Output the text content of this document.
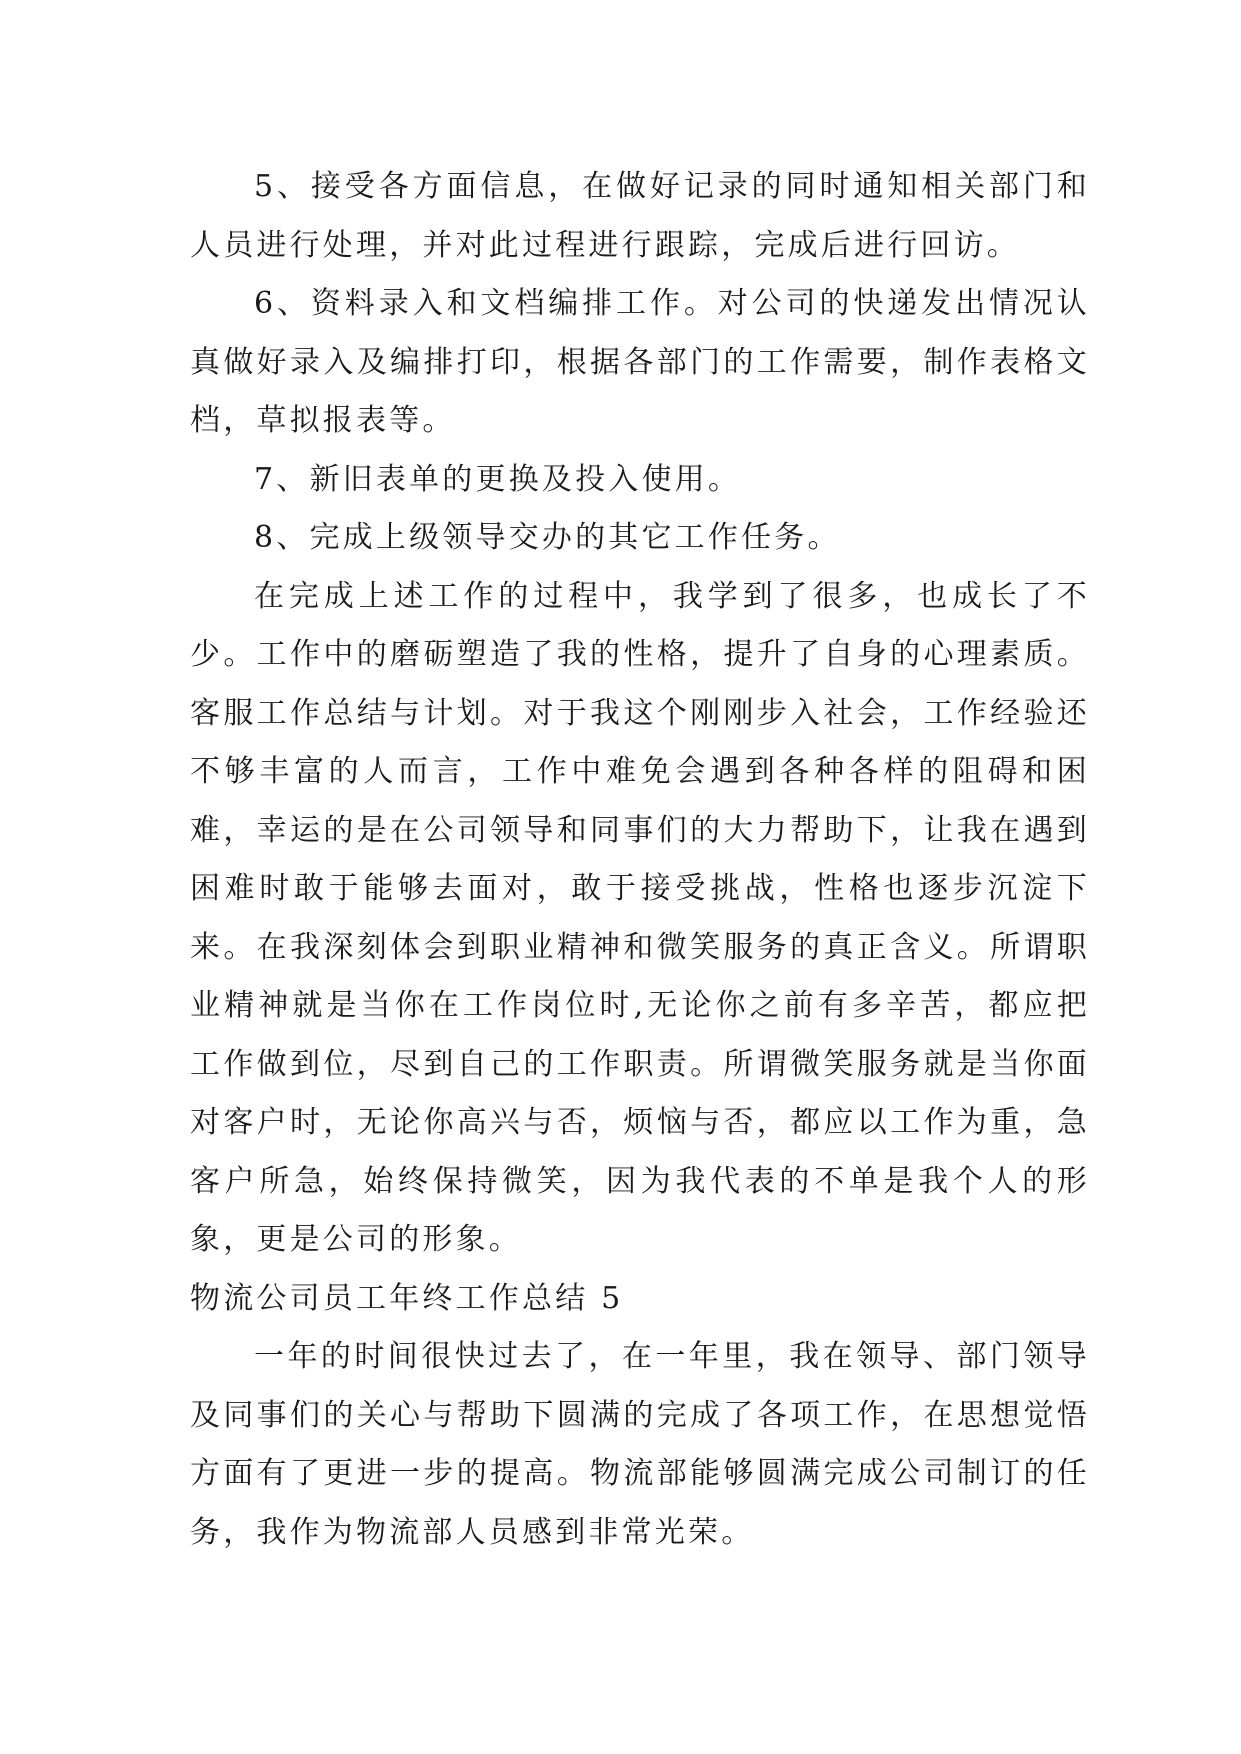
5、接受各方面信息，在做好记录的同时通知相关部门和人员进行处理，并对此过程进行跟踪，完成后进行回访。

6、资料录入和文档编排工作。对公司的快递发出情况认真做好录入及编排打印，根据各部门的工作需要，制作表格文档，草拟报表等。

7、新旧表单的更换及投入使用。

8、完成上级领导交办的其它工作任务。

在完成上述工作的过程中，我学到了很多，也成长了不少。工作中的磨砺塑造了我的性格，提升了自身的心理素质。客服工作总结与计划。对于我这个刚刚步入社会，工作经验还不够丰富的人而言，工作中难免会遇到各种各样的阻碍和困难，幸运的是在公司领导和同事们的大力帮助下，让我在遇到困难时敢于能够去面对，敢于接受挑战，性格也逐步沉淀下来。在我深刻体会到职业精神和微笑服务的真正含义。所谓职业精神就是当你在工作岗位时,无论你之前有多辛苦，都应把工作做到位，尽到自己的工作职责。所谓微笑服务就是当你面对客户时，无论你高兴与否，烦恼与否，都应以工作为重，急客户所急，始终保持微笑，因为我代表的不单是我个人的形象，更是公司的形象。

物流公司员工年终工作总结 5

一年的时间很快过去了，在一年里，我在领导、部门领导及同事们的关心与帮助下圆满的完成了各项工作，在思想觉悟方面有了更进一步的提高。物流部能够圆满完成公司制订的任务，我作为物流部人员感到非常光荣。
